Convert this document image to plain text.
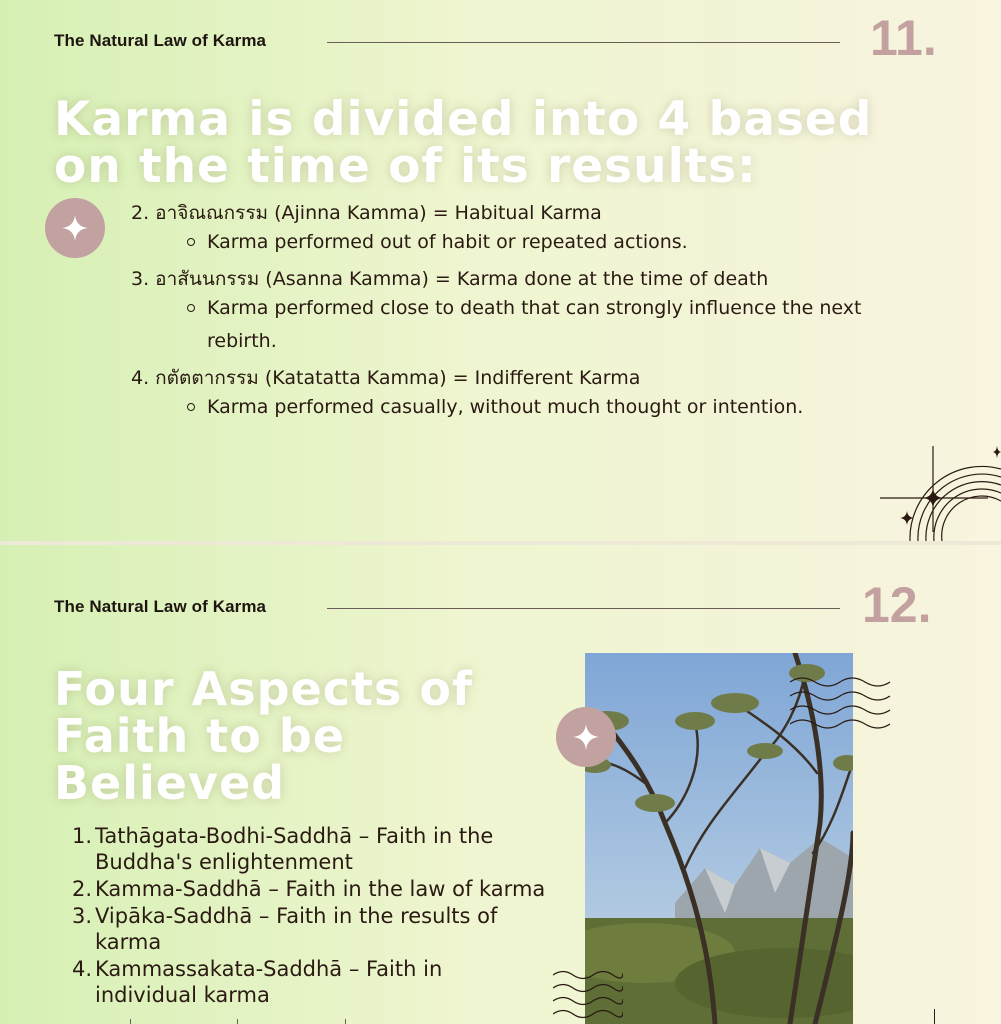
The Natural Law of Karma	11.
Karma is divided into 4 based
on the time of its results:
2. อาจิณณกรรม (Ajinna Kamma) = Habitual Karma
Karma performed out of habit or repeated actions.
3. อาสันนกรรม (Asanna Kamma) = Karma done at the time of death
Karma performed close to death that can strongly influence the next
rebirth.
4. กตัตตากรรม (Katatatta Kamma) = Indifferent Karma
Karma performed casually, without much thought or intention.
The Natural Law of Karma	12.
Four Aspects of
Faith to be
Believed
1. Tathāgata-Bodhi-Saddhā – Faith in the
Buddha's enlightenment
2. Kamma-Saddhā – Faith in the law of karma
3. Vipāka-Saddhā – Faith in the results of
karma
4. Kammassakata-Saddhā – Faith in
individual karma
